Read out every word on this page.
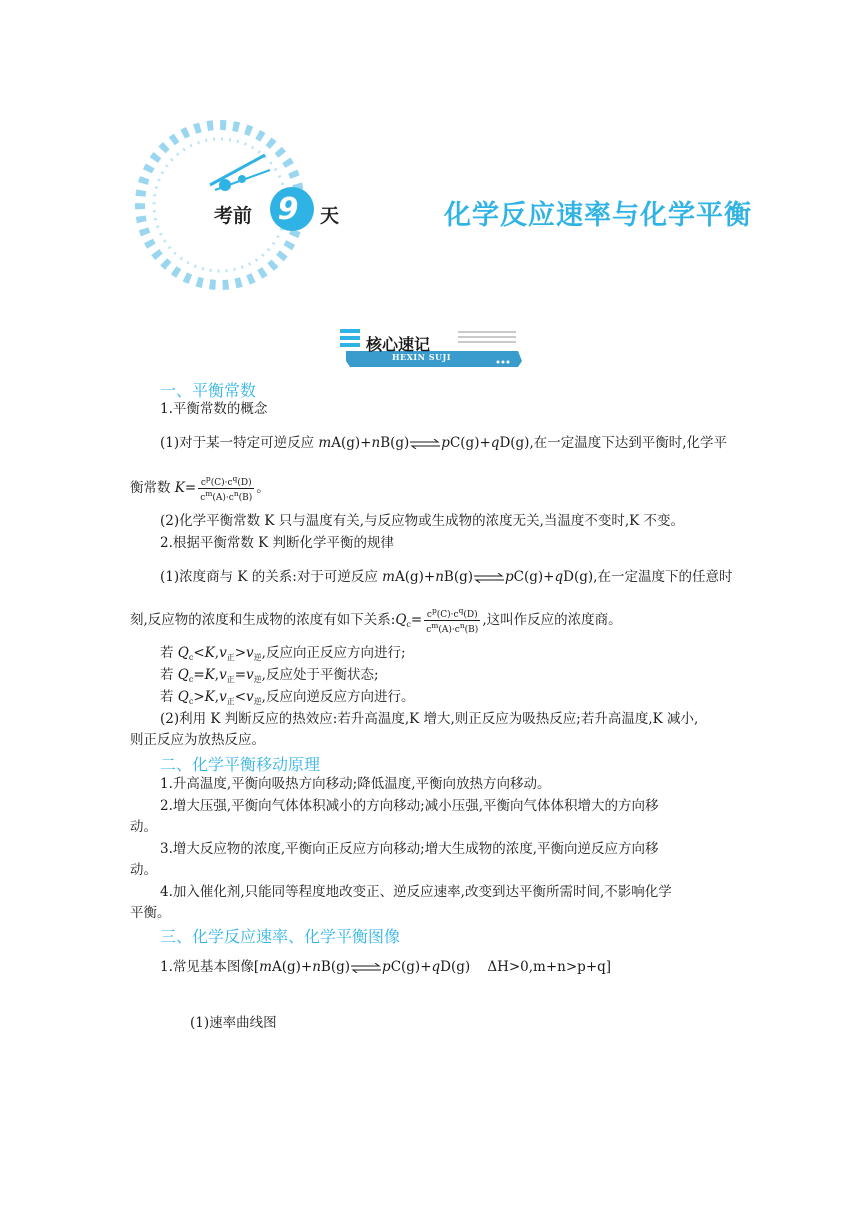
考前 9	天	化学反应速率与化学平衡
核心速记
HEXIN SUJI
一、平衡常数
1.平衡常数的概念
(1)对于某一特定可逆反应 mA(g)+nB(g)⇌pC(g)+qD(g),在一定温度下达到平衡时,化学平
衡常数 $K= \frac{c^p(C)\cdot c^q(D)}{c^m(A)\cdot c^n(B)}$ 。
(2)化学平衡常数 K 只与温度有关,与反应物或生成物的浓度无关,当温度不变时,K 不变。
2.根据平衡常数 K 判断化学平衡的规律
(1)浓度商与 K 的关系:对于可逆反应 mA(g)+nB(g)⇌pC(g)+qD(g),在一定温度下的任意时
刻,反应物的浓度和生成物的浓度有如下关系$:Q_c= \frac{c^p(C)\cdot c^q(D)}{c^m(A)\cdot c^n(B)}$ ,这叫作反应的浓度商。
若 $Q_c<K,v_正>v_逆$,反应向正反应方向进行;
若 $Q_c=K,v_正=v_逆$,反应处于平衡状态;
若 $Q_c>K,v_正<v_逆$,反应向逆反应方向进行。
(2)利用 K 判断反应的热效应:若升高温度,K 增大,则正反应为吸热反应;若升高温度,K 减小,
则正反应为放热反应。
二、化学平衡移动原理
1.升高温度,平衡向吸热方向移动;降低温度,平衡向放热方向移动。
2.增大压强,平衡向气体体积减小的方向移动;减小压强,平衡向气体体积增大的方向移
动。
3.增大反应物的浓度,平衡向正反应方向移动;增大生成物的浓度,平衡向逆反应方向移
动。
4.加入催化剂,只能同等程度地改变正、逆反应速率,改变到达平衡所需时间,不影响化学
平衡。
三、化学反应速率、化学平衡图像
1.常见基本图像[mA(g)+nB(g)⇌pC(g)+qD(g)    ΔH>0,m+n>p+q]
(1)速率曲线图
